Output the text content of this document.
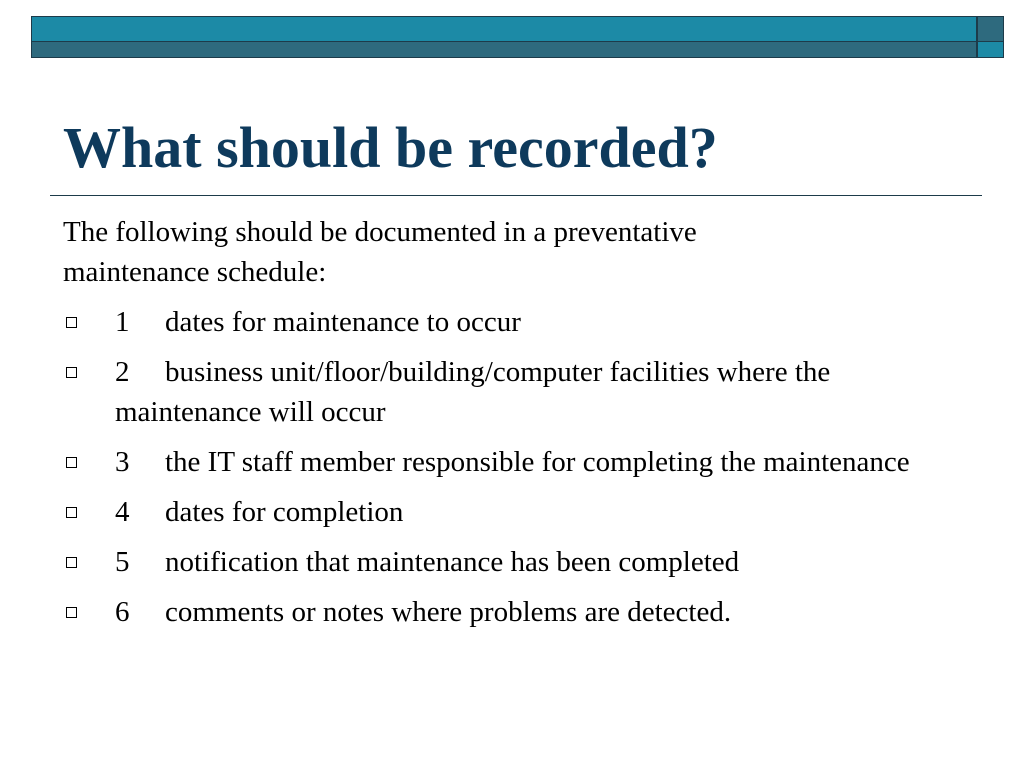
What should be recorded?

The following should be documented in a preventative maintenance schedule:

1 dates for maintenance to occur
2 business unit/floor/building/computer facilities where the maintenance will occur
3 the IT staff member responsible for completing the maintenance
4 dates for completion
5 notification that maintenance has been completed
6 comments or notes where problems are detected.
